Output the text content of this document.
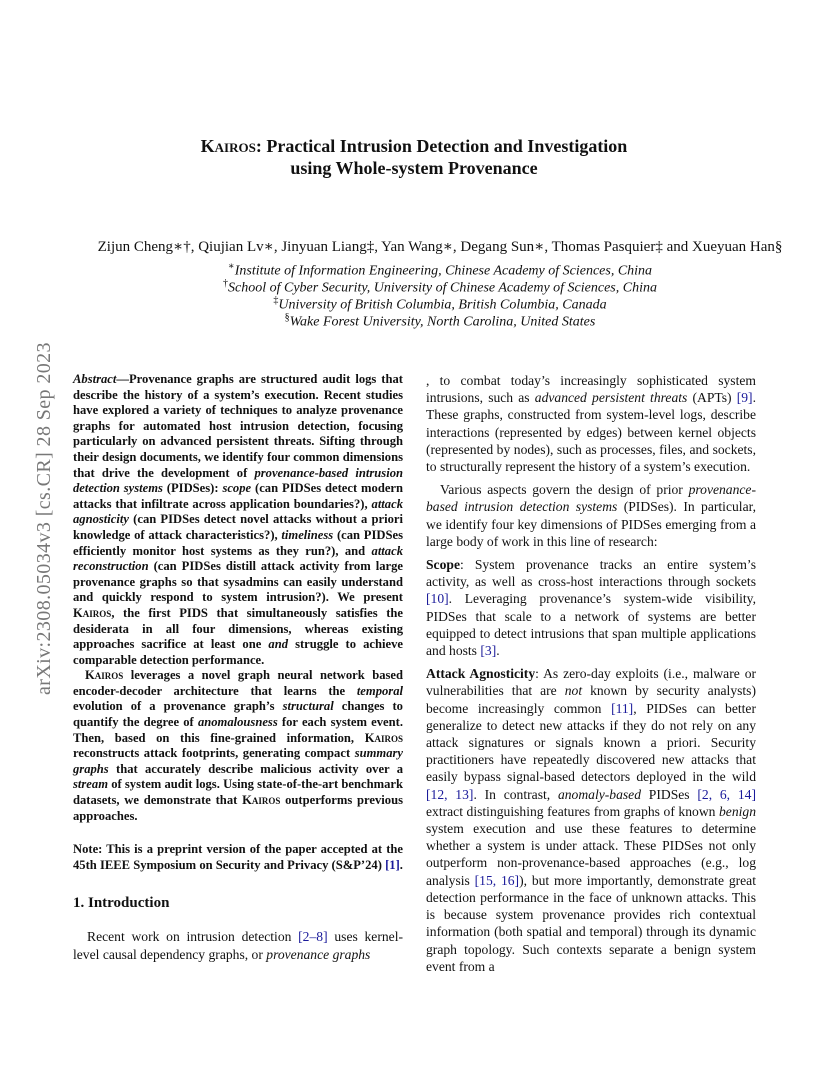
arXiv:2308.05034v3 [cs.CR] 28 Sep 2023
Kairos: Practical Intrusion Detection and Investigation
using Whole-system Provenance
Zijun Cheng∗†, Qiujian Lv∗, Jinyuan Liang‡, Yan Wang∗, Degang Sun∗, Thomas Pasquier‡ and Xueyuan Han§
∗Institute of Information Engineering, Chinese Academy of Sciences, China
†School of Cyber Security, University of Chinese Academy of Sciences, China
‡University of British Columbia, British Columbia, Canada
§Wake Forest University, North Carolina, United States

Abstract—Provenance graphs are structured audit logs that describe the history of a system’s execution. Recent studies have explored a variety of techniques to analyze provenance graphs for automated host intrusion detection, focusing particularly on advanced persistent threats. Sifting through their design documents, we identify four common dimensions that drive the development of provenance-based intrusion detection systems (PIDSes): scope (can PIDSes detect modern attacks that infiltrate across application boundaries?), attack agnosticity (can PIDSes detect novel attacks without a priori knowledge of attack characteristics?), timeliness (can PIDSes efficiently monitor host systems as they run?), and attack reconstruction (can PIDSes distill attack activity from large provenance graphs so that sysadmins can easily understand and quickly respond to system intrusion?). We present Kairos, the first PIDS that simultaneously satisfies the desiderata in all four dimensions, whereas existing approaches sacrifice at least one and struggle to achieve comparable detection performance.

Kairos leverages a novel graph neural network based encoder-decoder architecture that learns the temporal evolution of a provenance graph’s structural changes to quantify the degree of anomalousness for each system event. Then, based on this fine-grained information, Kairos reconstructs attack footprints, generating compact summary graphs that accurately describe malicious activity over a stream of system audit logs. Using state-of-the-art benchmark datasets, we demonstrate that Kairos outperforms previous approaches.

Note: This is a preprint version of the paper accepted at the 45th IEEE Symposium on Security and Privacy (S&P’24) [1].

1. Introduction

Recent work on intrusion detection [2–8] uses kernel-level causal dependency graphs, or provenance graphs

, to combat today’s increasingly sophisticated system intrusions, such as advanced persistent threats (APTs) [9]. These graphs, constructed from system-level logs, describe interactions (represented by edges) between kernel objects (represented by nodes), such as processes, files, and sockets, to structurally represent the history of a system’s execution.

Various aspects govern the design of prior provenance-based intrusion detection systems (PIDSes). In particular, we identify four key dimensions of PIDSes emerging from a large body of work in this line of research:

Scope: System provenance tracks an entire system’s activity, as well as cross-host interactions through sockets [10]. Leveraging provenance’s system-wide visibility, PIDSes that scale to a network of systems are better equipped to detect intrusions that span multiple applications and hosts [3].

Attack Agnosticity: As zero-day exploits (i.e., malware or vulnerabilities that are not known by security analysts) become increasingly common [11], PIDSes can better generalize to detect new attacks if they do not rely on any attack signatures or signals known a priori. Security practitioners have repeatedly discovered new attacks that easily bypass signal-based detectors deployed in the wild [12, 13]. In contrast, anomaly-based PIDSes [2, 6, 14] extract distinguishing features from graphs of known benign system execution and use these features to determine whether a system is under attack. These PIDSes not only outperform non-provenance-based approaches (e.g., log analysis [15, 16]), but more importantly, demonstrate great detection performance in the face of unknown attacks. This is because system provenance provides rich contextual information (both spatial and temporal) through its dynamic graph topology. Such contexts separate a benign system event from a
